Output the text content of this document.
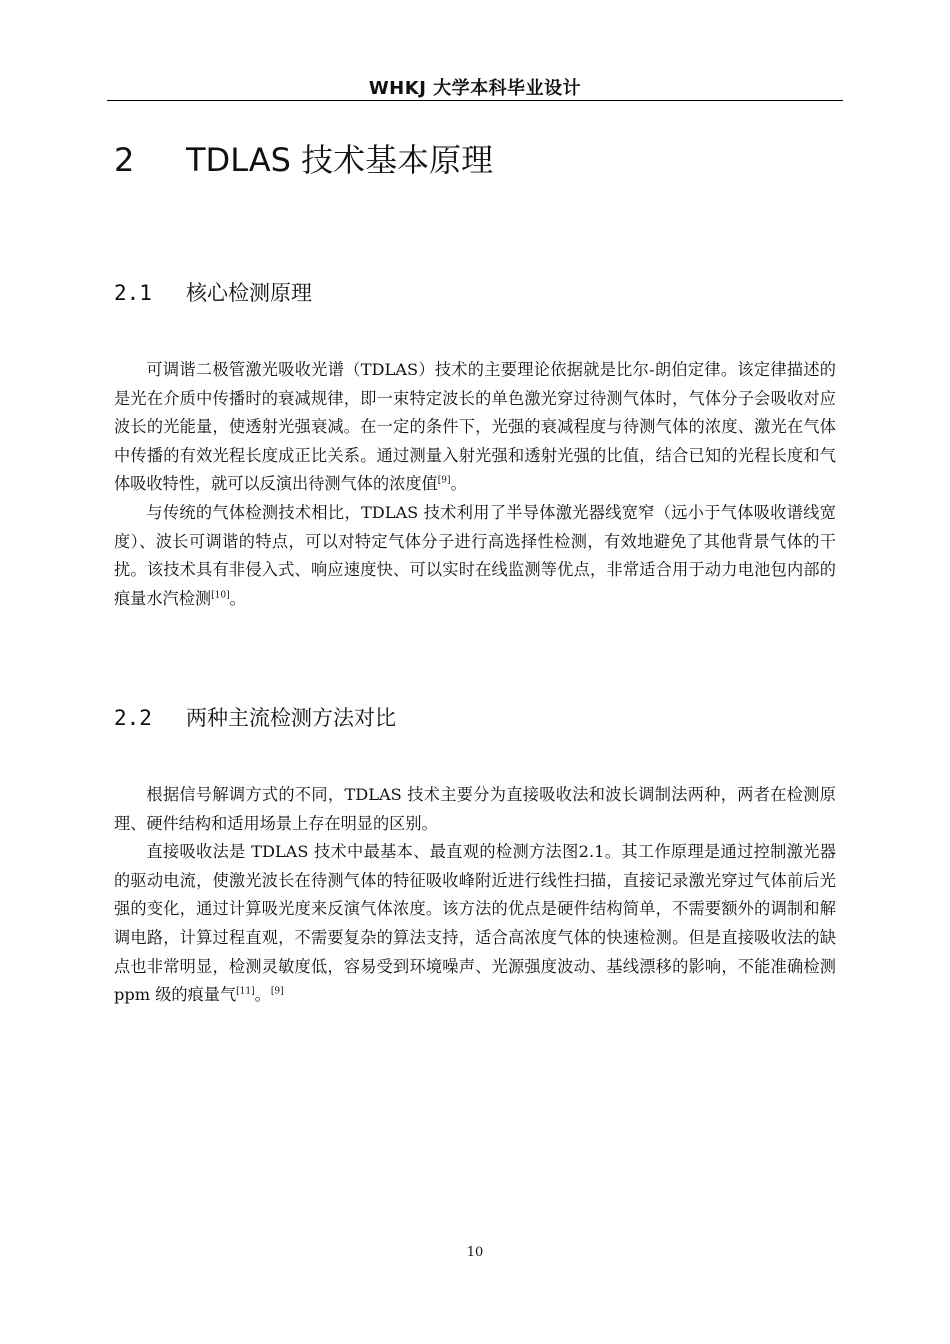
WHKJ 大学本科毕业设计
2 TDLAS 技术基本原理
2.1 核心检测原理

可调谐二极管激光吸收光谱（TDLAS）技术的主要理论依据就是比尔-朗伯定律。该定律描述的是光在介质中传播时的衰减规律，即一束特定波长的单色激光穿过待测气体时，气体分子会吸收对应波长的光能量，使透射光强衰减。在一定的条件下，光强的衰减程度与待测气体的浓度、激光在气体中传播的有效光程长度成正比关系。通过测量入射光强和透射光强的比值，结合已知的光程长度和气体吸收特性，就可以反演出待测气体的浓度值[9]。

与传统的气体检测技术相比，TDLAS 技术利用了半导体激光器线宽窄（远小于气体吸收谱线宽度）、波长可调谐的特点，可以对特定气体分子进行高选择性检测，有效地避免了其他背景气体的干扰。该技术具有非侵入式、响应速度快、可以实时在线监测等优点，非常适合用于动力电池包内部的痕量水汽检测[10]。

2.2 两种主流检测方法对比

根据信号解调方式的不同，TDLAS 技术主要分为直接吸收法和波长调制法两种，两者在检测原理、硬件结构和适用场景上存在明显的区别。

直接吸收法是 TDLAS 技术中最基本、最直观的检测方法图2.1。其工作原理是通过控制激光器的驱动电流，使激光波长在待测气体的特征吸收峰附近进行线性扫描，直接记录激光穿过气体前后光强的变化，通过计算吸光度来反演气体浓度。该方法的优点是硬件结构简单，不需要额外的调制和解调电路，计算过程直观，不需要复杂的算法支持，适合高浓度气体的快速检测。但是直接吸收法的缺点也非常明显，检测灵敏度低，容易受到环境噪声、光源强度波动、基线漂移的影响，不能准确检测 ppm 级的痕量气[11]。[9]

10
